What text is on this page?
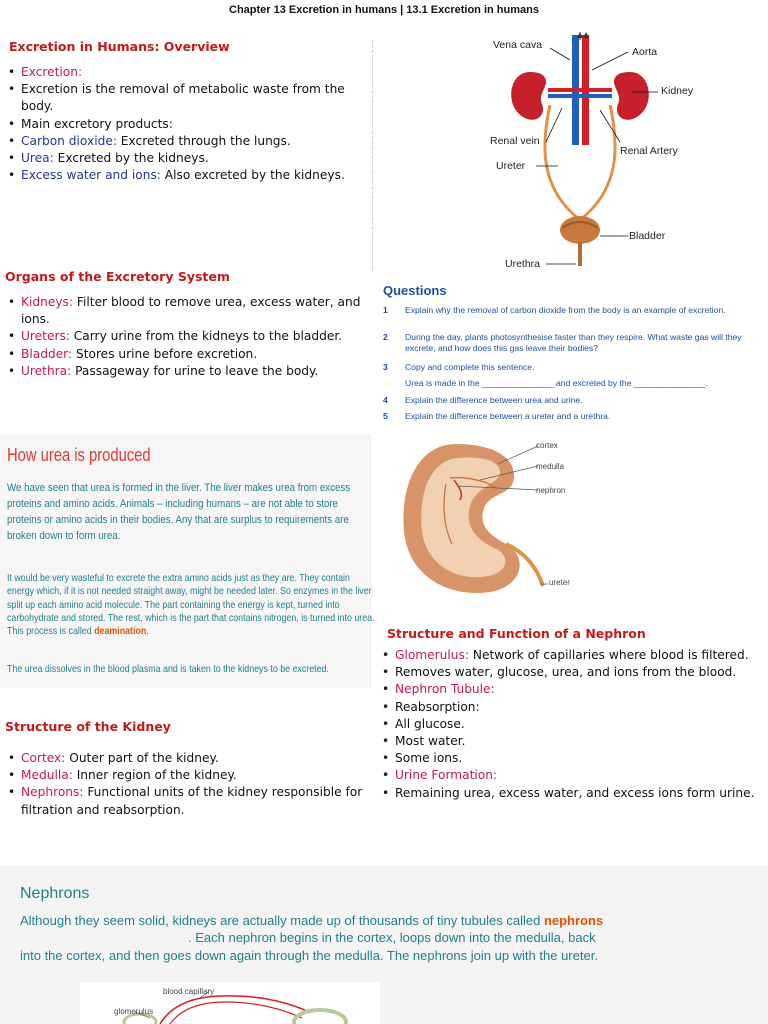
Chapter 13 Excretion in humans | 13.1 Excretion in humans
Excretion in Humans: Overview
• Excretion:
• Excretion is the removal of metabolic waste from the body.
• Main excretory products:
• Carbon dioxide: Excreted through the lungs.
• Urea: Excreted by the kidneys.
• Excess water and ions: Also excreted by the kidneys.
Vena cava
Aorta
Kidney
Renal vein
Renal Artery
Ureter
Bladder
Urethra
Organs of the Excretory System
• Kidneys: Filter blood to remove urea, excess water, and ions.
• Ureters: Carry urine from the kidneys to the bladder.
• Bladder: Stores urine before excretion.
• Urethra: Passageway for urine to leave the body.
Questions
1 Explain why the removal of carbon dioxide from the body is an example of excretion.
2 During the day, plants photosynthesise faster than they respire. What waste gas will they excrete, and how does this gas leave their bodies?
3 Copy and complete this sentence.
Urea is made in the _______________ and excreted by the _______________.
4 Explain the difference between urea and urine.
5 Explain the difference between a ureter and a urethra.
How urea is produced
We have seen that urea is formed in the liver. The liver makes urea from excess proteins and amino acids. Animals – including humans – are not able to store proteins or amino acids in their bodies. Any that are surplus to requirements are broken down to form urea.
It would be very wasteful to excrete the extra amino acids just as they are. They contain energy which, if it is not needed straight away, might be needed later. So enzymes in the liver split up each amino acid molecule. The part containing the energy is kept, turned into carbohydrate and stored. The rest, which is the part that contains nitrogen, is turned into urea. This process is called deamination.
The urea dissolves in the blood plasma and is taken to the kidneys to be excreted.
cortex
medulla
nephron
ureter
Structure of the Kidney
• Cortex: Outer part of the kidney.
• Medulla: Inner region of the kidney.
• Nephrons: Functional units of the kidney responsible for filtration and reabsorption.
Structure and Function of a Nephron
• Glomerulus: Network of capillaries where blood is filtered.
• Removes water, glucose, urea, and ions from the blood.
• Nephron Tubule:
• Reabsorption:
• All glucose.
• Most water.
• Some ions.
• Urine Formation:
• Remaining urea, excess water, and excess ions form urine.
Nephrons
Although they seem solid, kidneys are actually made up of thousands of tiny tubules called nephrons. Each nephron begins in the cortex, loops down into the medulla, back into the cortex, and then goes down again through the medulla. The nephrons join up with the ureter.
blood capillary
glomerulus
